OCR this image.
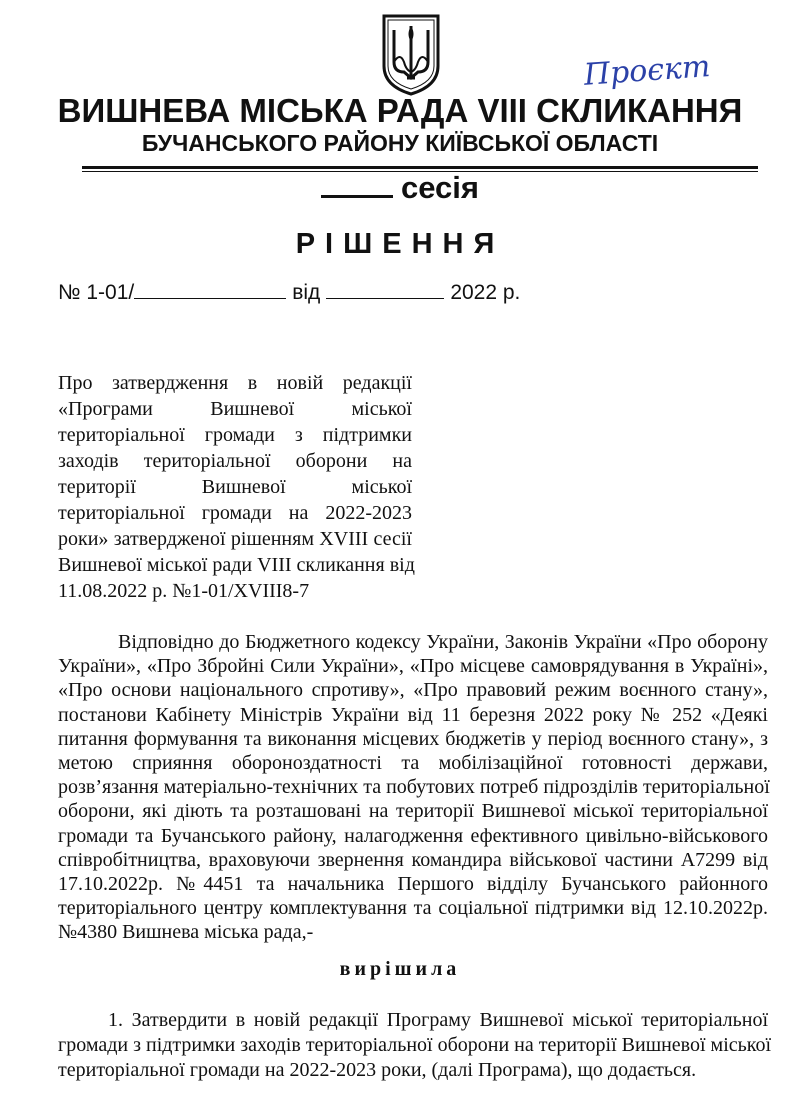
Проєкт
ВИШНЕВА МІСЬКА РАДА VIII СКЛИКАННЯ
БУЧАНСЬКОГО РАЙОНУ КИЇВСЬКОЇ ОБЛАСТІ
сесія
РІШЕННЯ
№ 1-01/	від	2022 р.
Про затвердження в новій редакції
«Програми Вишневої міської
територіальної громади з підтримки
заходів територіальної оборони на
території Вишневої міської
територіальної громади на 2022-2023
роки» затвердженої рішенням XVIII сесії
Вишневої міської ради VIII скликання від
11.08.2022 р. №1-01/XVIII8-7
Відповідно до Бюджетного кодексу України, Законів України «Про оборону
України», «Про Збройні Сили України», «Про місцеве самоврядування в Україні»,
«Про основи національного спротиву», «Про правовий режим воєнного стану»,
постанови Кабінету Міністрів України від 11 березня 2022 року № 252 «Деякі
питання формування та виконання місцевих бюджетів у період воєнного стану», з
метою сприяння обороноздатності та мобілізаційної готовності держави,
розв’язання матеріально-технічних та побутових потреб підрозділів територіальної
оборони, які діють та розташовані на території Вишневої міської територіальної
громади та Бучанського району, налагодження ефективного цивільно-військового
співробітництва, враховуючи звернення командира військової частини А7299 від
17.10.2022р. №4451 та начальника Першого відділу Бучанського районного
територіального центру комплектування та соціальної підтримки від 12.10.2022р.
№4380 Вишнева міська рада,-
вирішила
1. Затвердити в новій редакції Програму Вишневої міської територіальної
громади з підтримки заходів територіальної оборони на території Вишневої міської
територіальної громади на 2022-2023 роки, (далі Програма), що додається.
